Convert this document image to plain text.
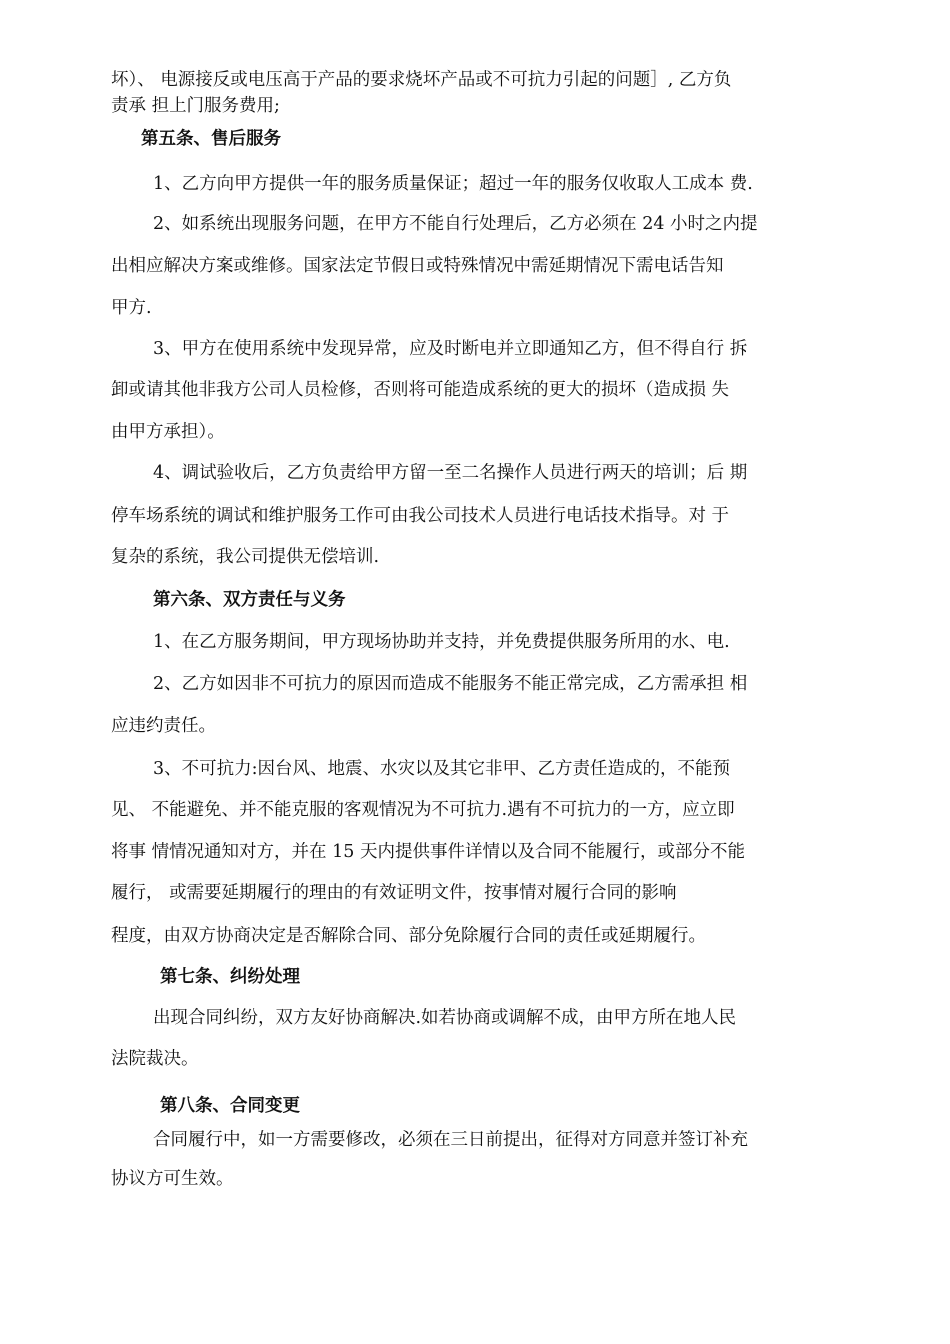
坏）、 电源接反或电压高于产品的要求烧坏产品或不可抗力引起的问题］, 乙方负
责承 担上门服务费用;
第五条、售后服务
1、乙方向甲方提供一年的服务质量保证；超过一年的服务仅收取人工成本 费.
2、如系统出现服务问题，在甲方不能自行处理后，乙方必须在 24 小时之内提
出相应解决方案或维修。国家法定节假日或特殊情况中需延期情况下需电话告知
甲方.
3、甲方在使用系统中发现异常，应及时断电并立即通知乙方，但不得自行 拆
卸或请其他非我方公司人员检修，否则将可能造成系统的更大的损坏（造成损 失
由甲方承担）。
4、调试验收后，乙方负责给甲方留一至二名操作人员进行两天的培训；后 期
停车场系统的调试和维护服务工作可由我公司技术人员进行电话技术指导。对 于
复杂的系统，我公司提供无偿培训.
第六条、双方责任与义务
1、在乙方服务期间，甲方现场协助并支持，并免费提供服务所用的水、电.
2、乙方如因非不可抗力的原因而造成不能服务不能正常完成，乙方需承担 相
应违约责任。
3、不可抗力:因台风、地震、水灾以及其它非甲、乙方责任造成的，不能预
见、 不能避免、并不能克服的客观情况为不可抗力.遇有不可抗力的一方，应立即
将事 情情况通知对方，并在 15 天内提供事件详情以及合同不能履行，或部分不能
履行， 或需要延期履行的理由的有效证明文件，按事情对履行合同的影响
程度，由双方协商决定是否解除合同、部分免除履行合同的责任或延期履行。
第七条、纠纷处理
出现合同纠纷，双方友好协商解决.如若协商或调解不成，由甲方所在地人民
法院裁决。
第八条、合同变更
合同履行中，如一方需要修改，必须在三日前提出，征得对方同意并签订补充
协议方可生效。
